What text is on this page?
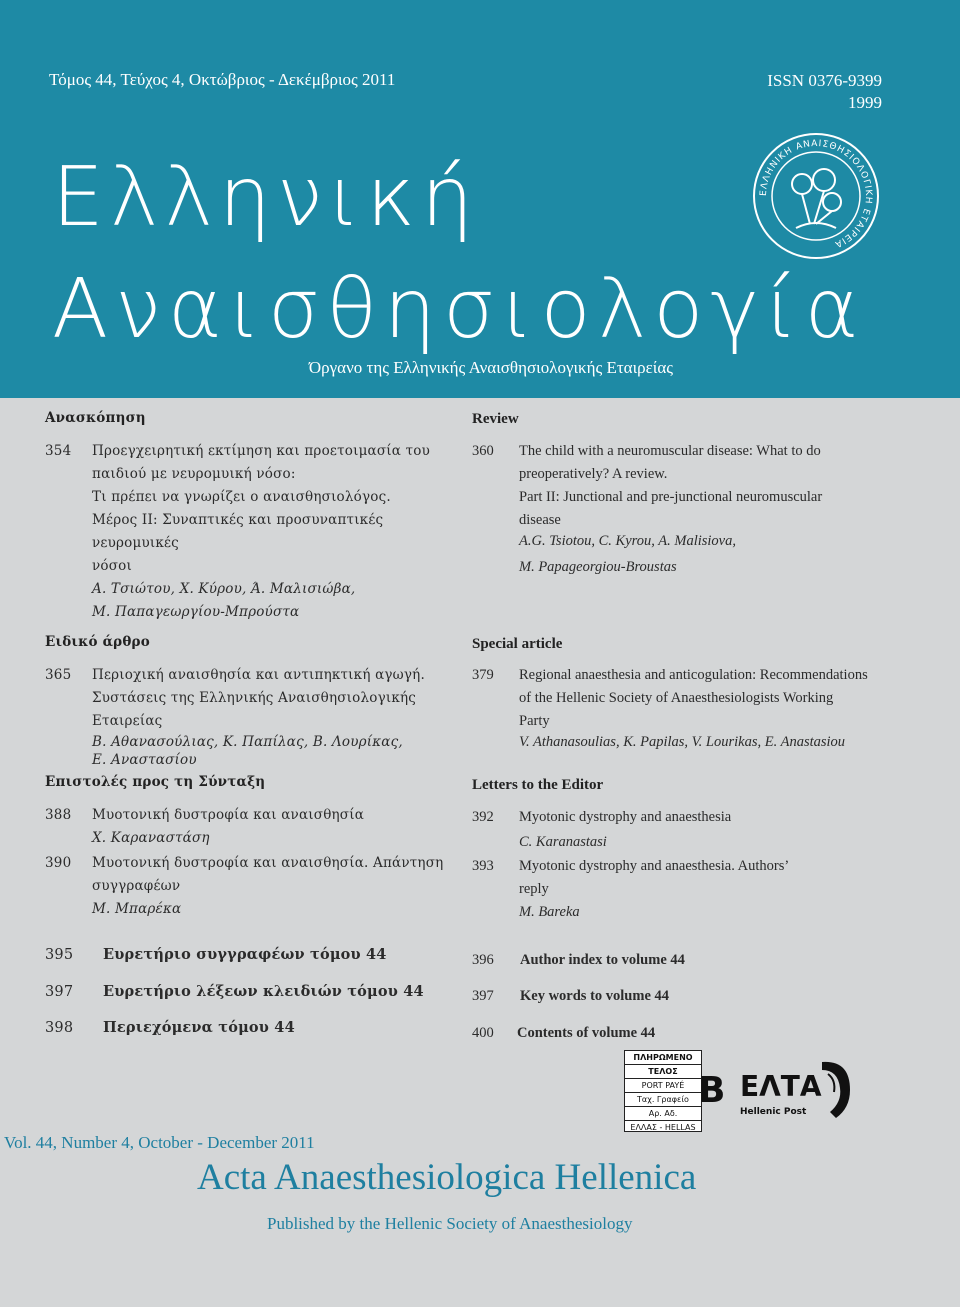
Τόμος 44, Τεύχος 4, Οκτώβριος - Δεκέμβριος 2011	ISSN 0376-9399
1999
Ελληνική
Αναισθησιολογία
Όργανο της Ελληνικής Αναισθησιολογικής Εταιρείας
ΕΛΛΗΝΙΚΗ ΑΝΑΙΣΘΗΣΙΟΛΟΓΙΚΗ ΕΤΑΙΡΕΙΑ
Ανασκόπηση
354	Προεγχειρητική εκτίμηση και προετοιμασία του
παιδιού με νευρομυική νόσο:
Τι πρέπει να γνωρίζει ο αναισθησιολόγος.
Μέρος ΙΙ: Συναπτικές και προσυναπτικές νευρομυικές
νόσοι
Α. Τσιώτου, Χ. Κύρου, Ά. Μαλισιώβα,
Μ. Παπαγεωργίου-Μπρούστα
Ειδικό άρθρο
365	Περιοχική αναισθησία και αντιπηκτική αγωγή.
Συστάσεις της Ελληνικής Αναισθησιολογικής
Εταιρείας
Β. Αθανασούλιας, Κ. Παπίλας, Β. Λουρίκας,
Ε. Αναστασίου
Επιστολές προς τη Σύνταξη
388	Μυοτονική δυστροφία και αναισθησία
Χ. Καραναστάση
390	Μυοτονική δυστροφία και αναισθησία. Απάντηση
συγγραφέων
Μ. Μπαρέκα
395 Ευρετήριο συγγραφέων τόμου 44
397 Ευρετήριο λέξεων κλειδιών τόμου 44
398 Περιεχόμενα τόμου 44
Review
360	The child with a neuromuscular disease: What to do
preoperatively? A review.
Part II: Junctional and pre-junctional neuromuscular
disease
A.G. Tsiotou, C. Kyrou, A. Malisiova,
M. Papageorgiou-Broustas
Special article
379	Regional anaesthesia and anticogulation: Recommendations
of the Hellenic Society of Anaesthesiologists Working
Party
V. Athanasoulias, K. Papilas, V. Lourikas, E. Anastasiou
Letters to the Editor
392	Myotonic dystrophy and anaesthesia
C. Karanastasi
393	Myotonic dystrophy and anaesthesia. Authors’
reply
M. Bareka
396 Author index to volume 44
397 Key words to volume 44
400 Contents of volume 44
ΠΛΗΡΩΜΕΝΟ
ΤΕΛΟΣ
PORT PAYÉ
Ταχ. Γραφείο
Αρ. Αδ.
ΕΛΛΑΣ - HELLAS
B ΕΛΤΑ
Hellenic Post
Vol. 44, Number 4, October - December 2011
Acta Anaesthesiologica Hellenica
Published by the Hellenic Society of Anaesthesiology
